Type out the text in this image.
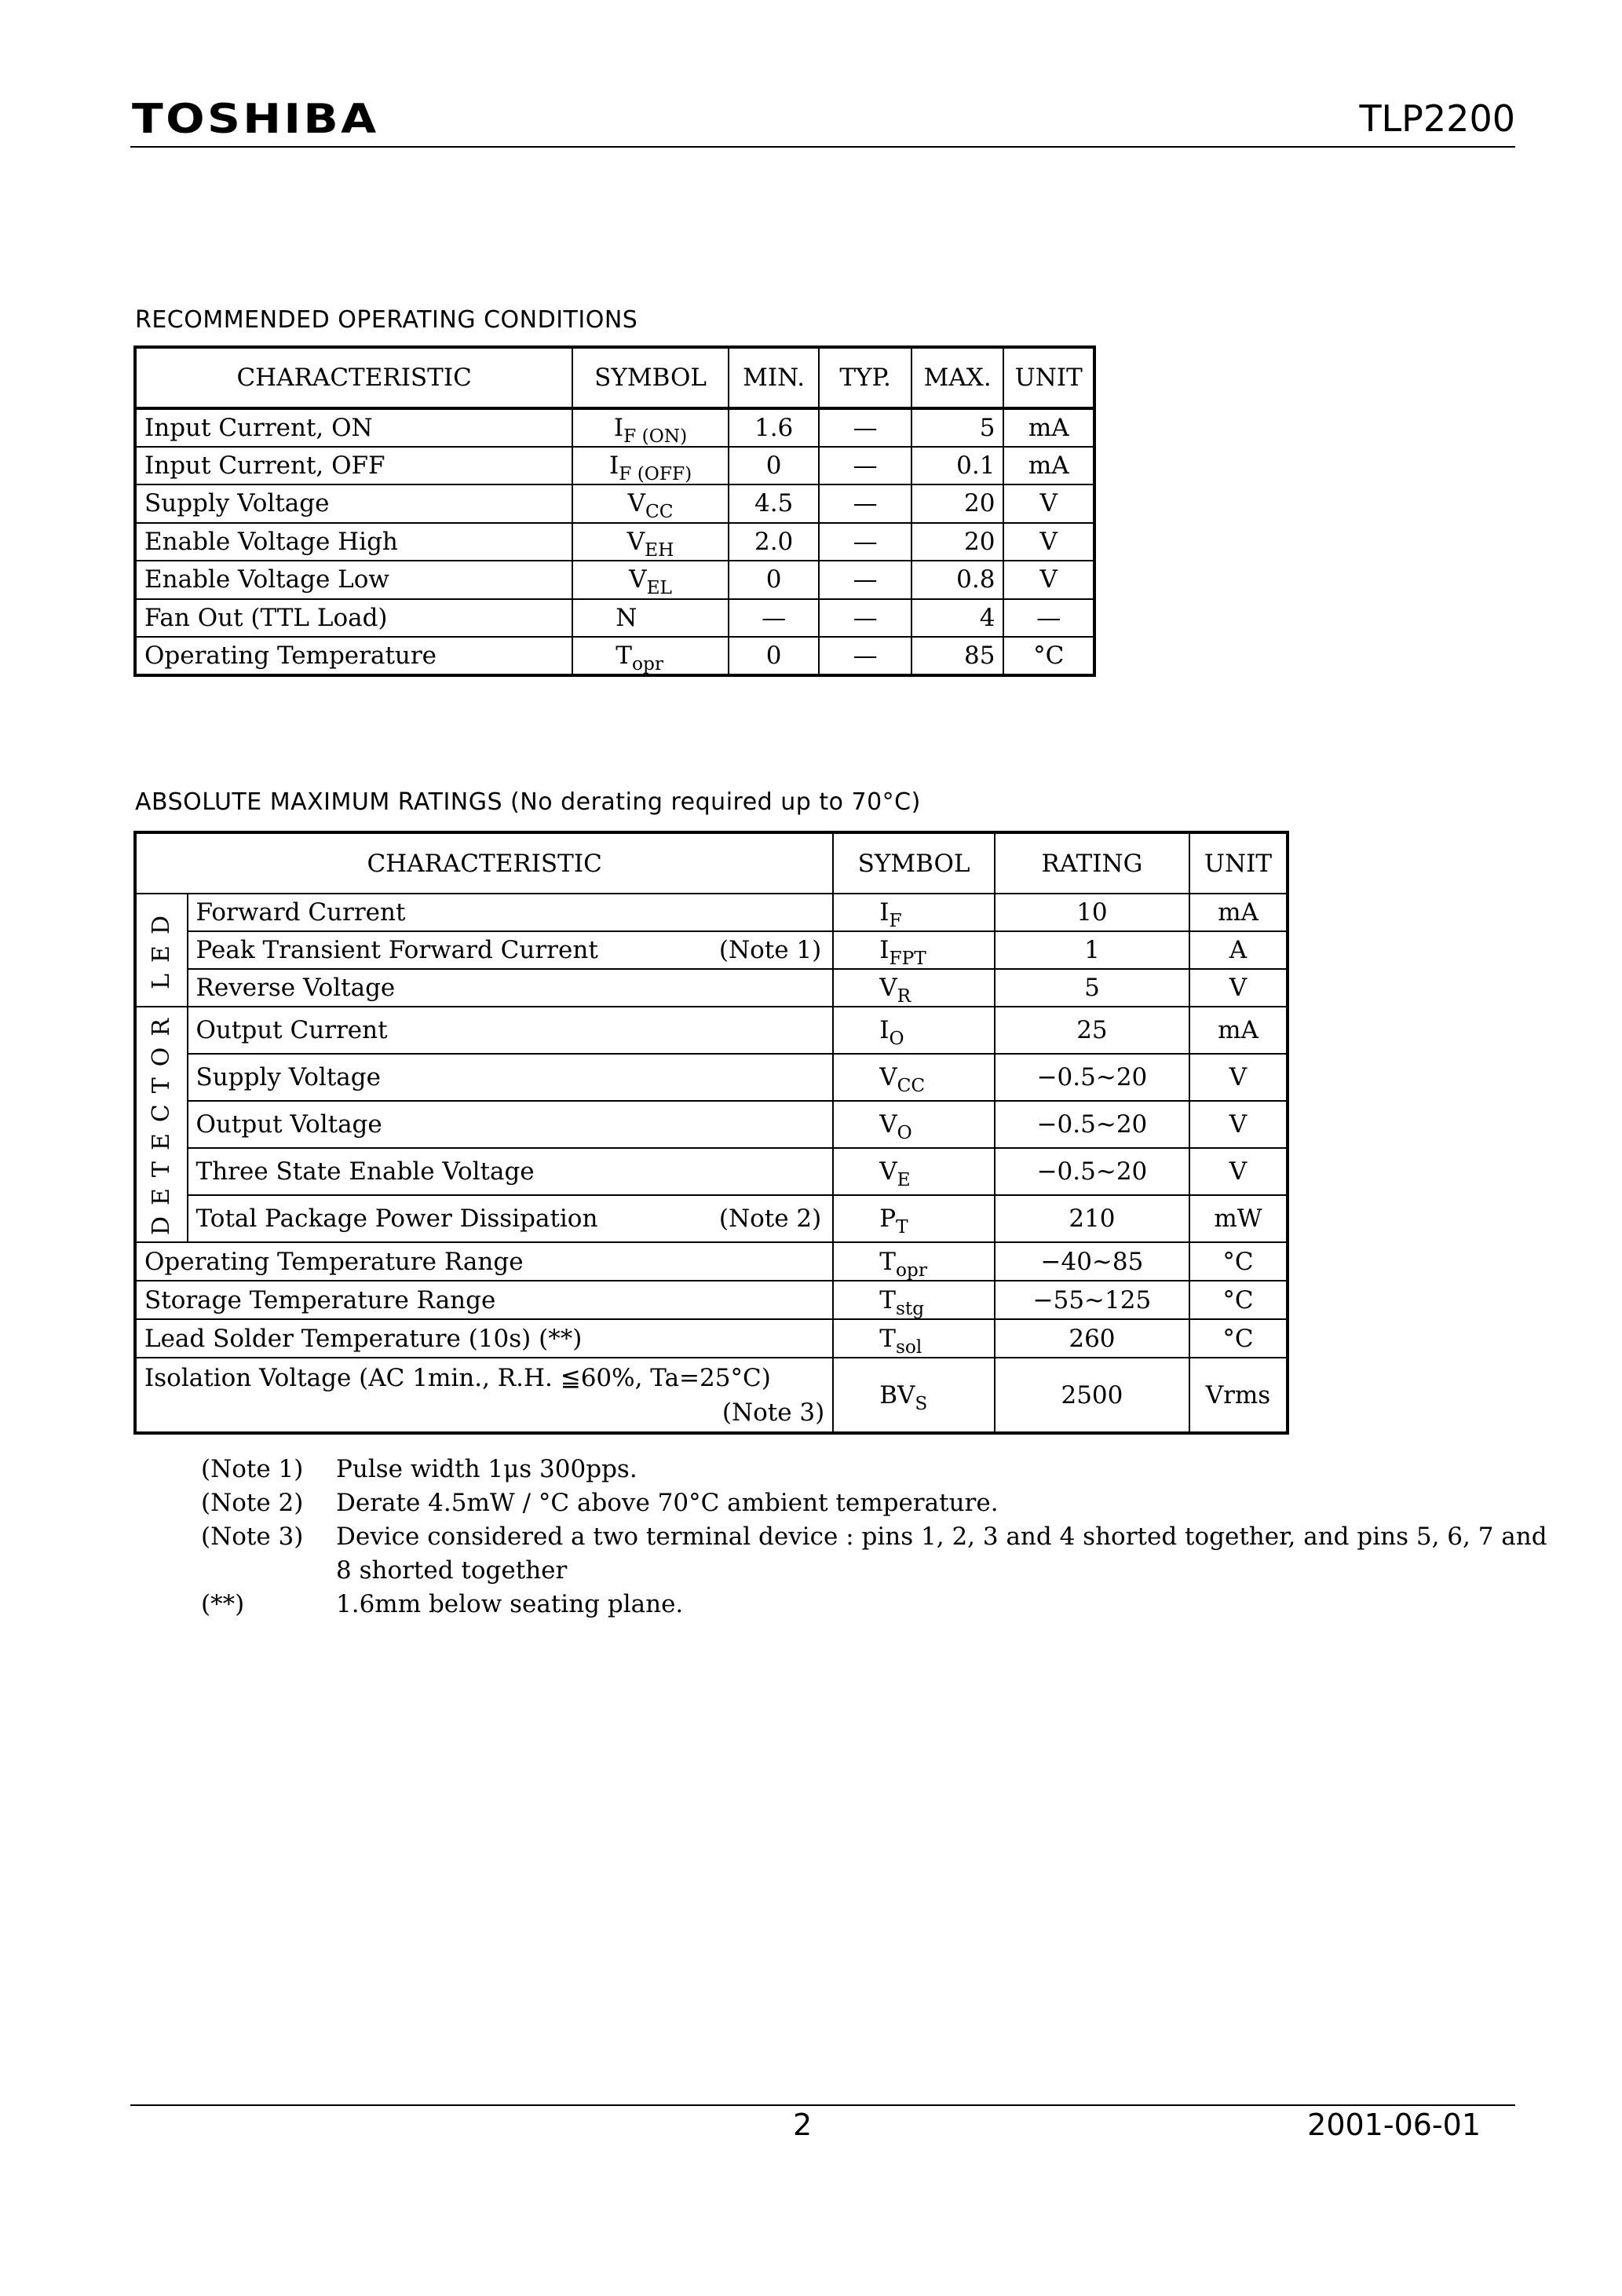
TOSHIBA	TLP2200
RECOMMENDED OPERATING CONDITIONS
CHARACTERISTIC	SYMBOL	MIN.	TYP.	MAX.	UNIT
Input Current, ON	$I_{F (ON)}$	1.6	—	5	mA
Input Current, OFF	$I_{F (OFF)}$	0	—	0.1	mA
Supply Voltage	$V_{CC}$	4.5	—	20	V
Enable Voltage High	$V_{EH}$	2.0	—	20	V
Enable Voltage Low	$V_{EL}$	0	—	0.8	V
Fan Out (TTL Load)	N	—	—	4	—
Operating Temperature	$T_{opr}$	0	—	85	°C
ABSOLUTE MAXIMUM RATINGS (No derating required up to 70°C)
CHARACTERISTIC		SYMBOL	RATING	UNIT
LED	Forward Current	$I_F$	10	mA
	Peak Transient Forward Current (Note 1)	$I_{FPT}$	1	A
	Reverse Voltage	$V_R$	5	V
DETECTOR	Output Current	$I_O$	25	mA
	Supply Voltage	$V_{CC}$	−0.5~20	V
	Output Voltage	$V_O$	−0.5~20	V
	Three State Enable Voltage	$V_E$	−0.5~20	V
	Total Package Power Dissipation (Note 2)	$P_T$	210	mW
Operating Temperature Range		$T_{opr}$	−40~85	°C
Storage Temperature Range		$T_{stg}$	−55~125	°C
Lead Solder Temperature (10s) (**)		$T_{sol}$	260	°C
Isolation Voltage (AC 1min., R.H. ≦60%, Ta=25°C)
(Note 3)		$BV_S$	2500	Vrms
(Note 1)	Pulse width 1μs 300pps.
(Note 2)	Derate 4.5mW / °C above 70°C ambient temperature.
(Note 3)	Device considered a two terminal device : pins 1, 2, 3 and 4 shorted together, and pins 5, 6, 7 and 8 shorted together
(**)	1.6mm below seating plane.
2	2001-06-01
